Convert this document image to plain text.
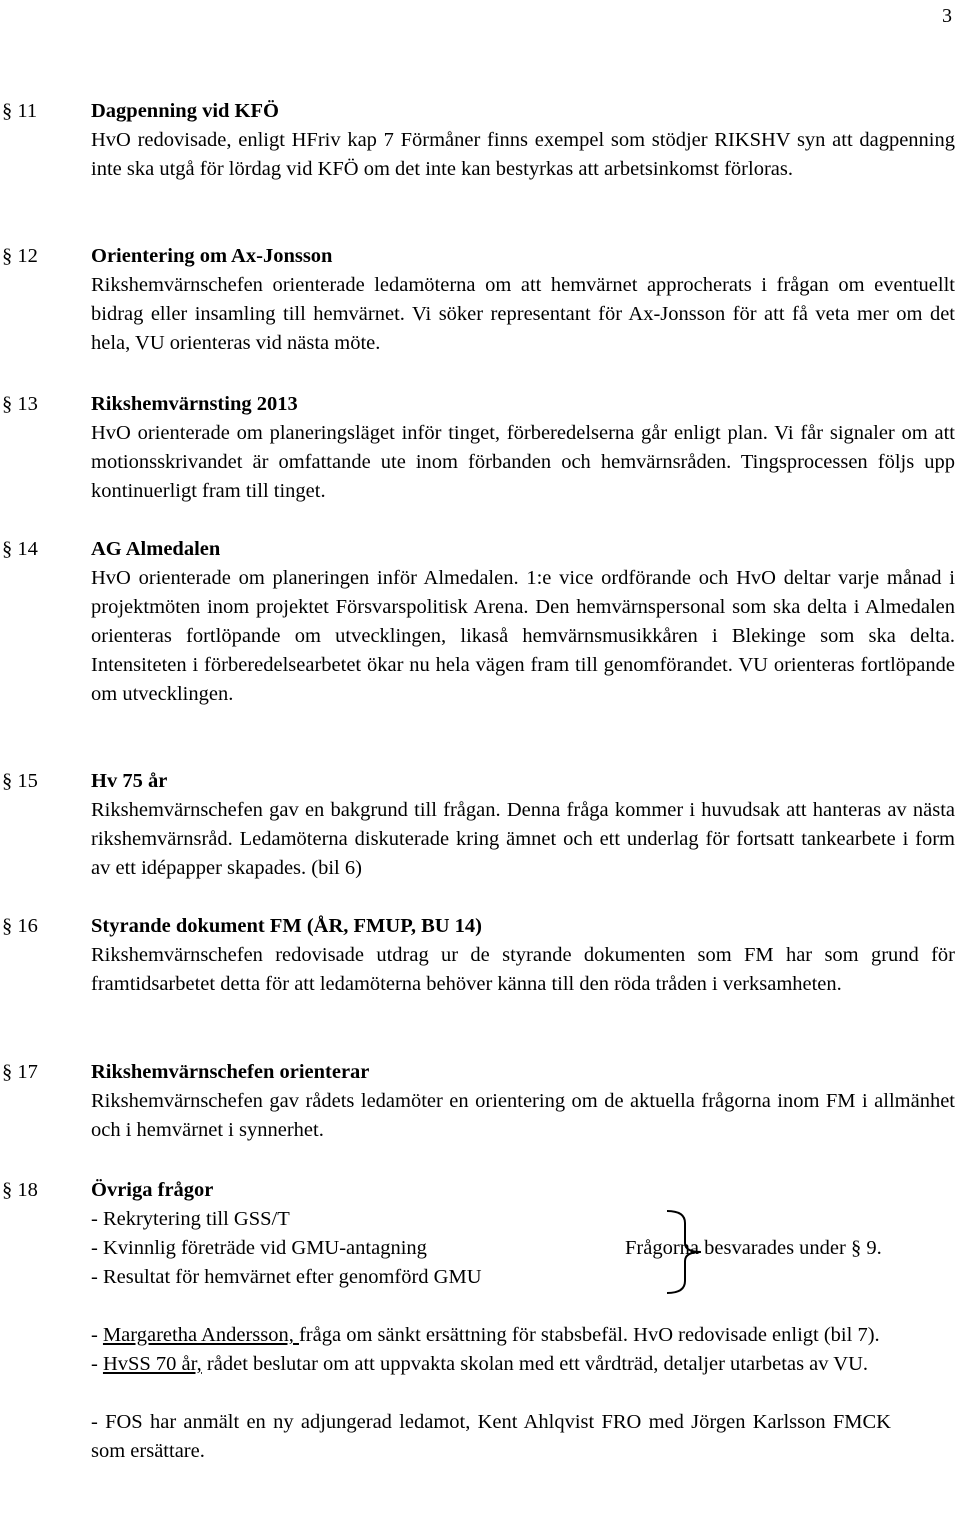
3
§ 11	Dagpenning vid KFÖ
HvO redovisade, enligt HFriv kap 7 Förmåner finns exempel som stödjer RIKSHV syn att dagpenning inte ska utgå för lördag vid KFÖ om det inte kan bestyrkas att arbetsinkomst förloras.
§ 12	Orientering om Ax-Jonsson
Rikshemvärnschefen orienterade ledamöterna om att hemvärnet approcherats i frågan om eventuellt bidrag eller insamling till hemvärnet. Vi söker representant för Ax-Jonsson för att få veta mer om det hela, VU orienteras vid nästa möte.
§ 13	Rikshemvärnsting 2013
HvO orienterade om planeringsläget inför tinget, förberedelserna går enligt plan. Vi får signaler om att motionsskrivandet är omfattande ute inom förbanden och hemvärnsråden. Tingsprocessen följs upp kontinuerligt fram till tinget.
§ 14	AG Almedalen
HvO orienterade om planeringen inför Almedalen. 1:e vice ordförande och HvO deltar varje månad i projektmöten inom projektet Försvarspolitisk Arena. Den hemvärnspersonal som ska delta i Almedalen orienteras fortlöpande om utvecklingen, likaså hemvärnsmusikkåren i Blekinge som ska delta. Intensiteten i förberedelsearbetet ökar nu hela vägen fram till genomförandet. VU orienteras fortlöpande om utvecklingen.
§ 15	Hv 75 år
Rikshemvärnschefen gav en bakgrund till frågan. Denna fråga kommer i huvudsak att hanteras av nästa rikshemvärnsråd. Ledamöterna diskuterade kring ämnet och ett underlag för fortsatt tankearbete i form av ett idépapper skapades. (bil 6)
§ 16	Styrande dokument FM (ÅR, FMUP, BU 14)
Rikshemvärnschefen redovisade utdrag ur de styrande dokumenten som FM har som grund för framtidsarbetet detta för att ledamöterna behöver känna till den röda tråden i verksamheten.
§ 17	Rikshemvärnschefen orienterar
Rikshemvärnschefen gav rådets ledamöter en orientering om de aktuella frågorna inom FM i allmänhet och i hemvärnet i synnerhet.
§ 18	Övriga frågor
- Rekrytering till GSS/T
- Kvinnlig företräde vid GMU-antagning
- Resultat för hemvärnet efter genomförd GMU
Frågorna besvarades under § 9.
- Margaretha Andersson, fråga om sänkt ersättning för stabsbefäl. HvO redovisade enligt (bil 7).
- HvSS 70 år, rådet beslutar om att uppvakta skolan med ett vårdträd, detaljer utarbetas av VU.
- FOS har anmält en ny adjungerad ledamot, Kent Ahlqvist FRO med Jörgen Karlsson FMCK som ersättare.
